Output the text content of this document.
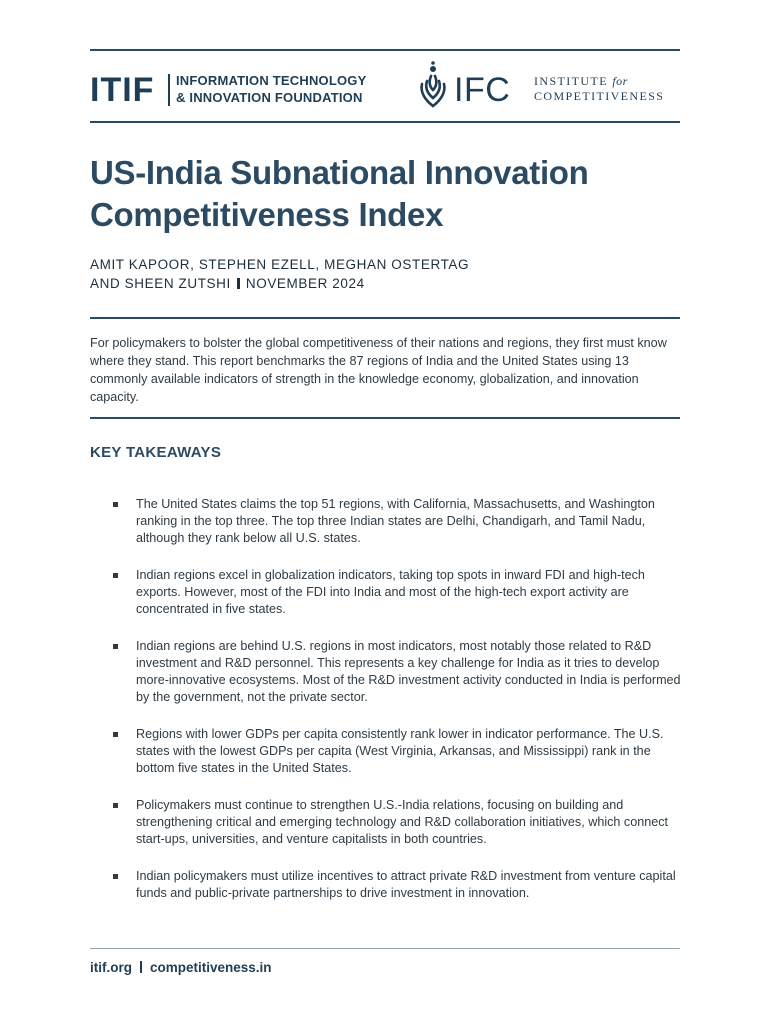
ITIF INFORMATION TECHNOLOGY
& INNOVATION FOUNDATION	IFC INSTITUTE for
COMPETITIVENESS
US-India Subnational Innovation
Competitiveness Index
AMIT KAPOOR, STEPHEN EZELL, MEGHAN OSTERTAG
AND SHEEN ZUTSHI NOVEMBER 2024
For policymakers to bolster the global competitiveness of their nations and regions, they first must know where they stand. This report benchmarks the 87 regions of India and the United States using 13 commonly available indicators of strength in the knowledge economy, globalization, and innovation capacity.
KEY TAKEAWAYS
The United States claims the top 51 regions, with California, Massachusetts, and Washington ranking in the top three. The top three Indian states are Delhi, Chandigarh, and Tamil Nadu, although they rank below all U.S. states.
Indian regions excel in globalization indicators, taking top spots in inward FDI and high-tech exports. However, most of the FDI into India and most of the high-tech export activity are concentrated in five states.
Indian regions are behind U.S. regions in most indicators, most notably those related to R&D investment and R&D personnel. This represents a key challenge for India as it tries to develop more-innovative ecosystems. Most of the R&D investment activity conducted in India is performed by the government, not the private sector.
Regions with lower GDPs per capita consistently rank lower in indicator performance. The U.S. states with the lowest GDPs per capita (West Virginia, Arkansas, and Mississippi) rank in the bottom five states in the United States.
Policymakers must continue to strengthen U.S.-India relations, focusing on building and strengthening critical and emerging technology and R&D collaboration initiatives, which connect start-ups, universities, and venture capitalists in both countries.
Indian policymakers must utilize incentives to attract private R&D investment from venture capital funds and public-private partnerships to drive investment in innovation.
itif.org competitiveness.in
